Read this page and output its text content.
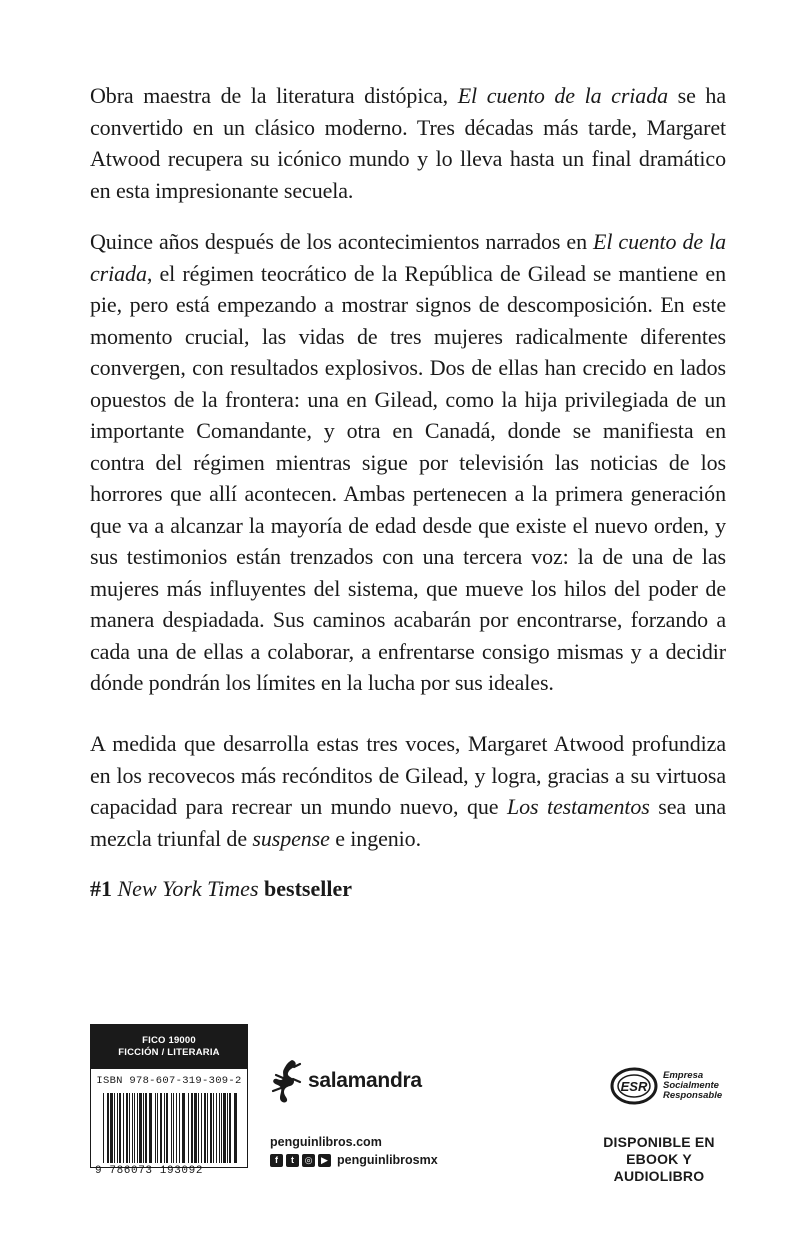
Obra maestra de la literatura distópica, El cuento de la criada se ha convertido en un clásico moderno. Tres décadas más tarde, Margaret Atwood recupera su icónico mundo y lo lleva hasta un final dramático en esta impresionante secuela.

Quince años después de los acontecimientos narrados en El cuento de la criada, el régimen teocrático de la República de Gilead se mantiene en pie, pero está empezando a mostrar signos de descomposición. En este momento crucial, las vidas de tres mujeres radicalmente diferentes convergen, con resultados explosivos. Dos de ellas han crecido en lados opuestos de la frontera: una en Gilead, como la hija privilegiada de un importante Comandante, y otra en Canadá, donde se manifiesta en contra del régimen mientras sigue por televisión las noticias de los horrores que allí acontecen. Ambas pertenecen a la primera generación que va a alcanzar la mayoría de edad desde que existe el nuevo orden, y sus testimonios están trenzados con una tercera voz: la de una de las mujeres más influyentes del sistema, que mueve los hilos del poder de manera despiadada. Sus caminos acabarán por encontrarse, forzando a cada una de ellas a colaborar, a enfrentarse consigo mismas y a decidir dónde pondrán los límites en la lucha por sus ideales.

A medida que desarrolla estas tres voces, Margaret Atwood profundiza en los recovecos más recónditos de Gilead, y logra, gracias a su virtuosa capacidad para recrear un mundo nuevo, que Los testamentos sea una mezcla triunfal de suspense e ingenio.

#1 New York Times bestseller
FICO 19000
FICCIÓN / LITERARIA
ISBN 978-607-319-309-2
9 786073 193092
salamandra
penguinlibros.com
f	t	◎ ▶ penguinlibrosmx
ESR
Empresa
Socialmente
Responsable
DISPONIBLE EN
EBOOK Y AUDIOLIBRO
